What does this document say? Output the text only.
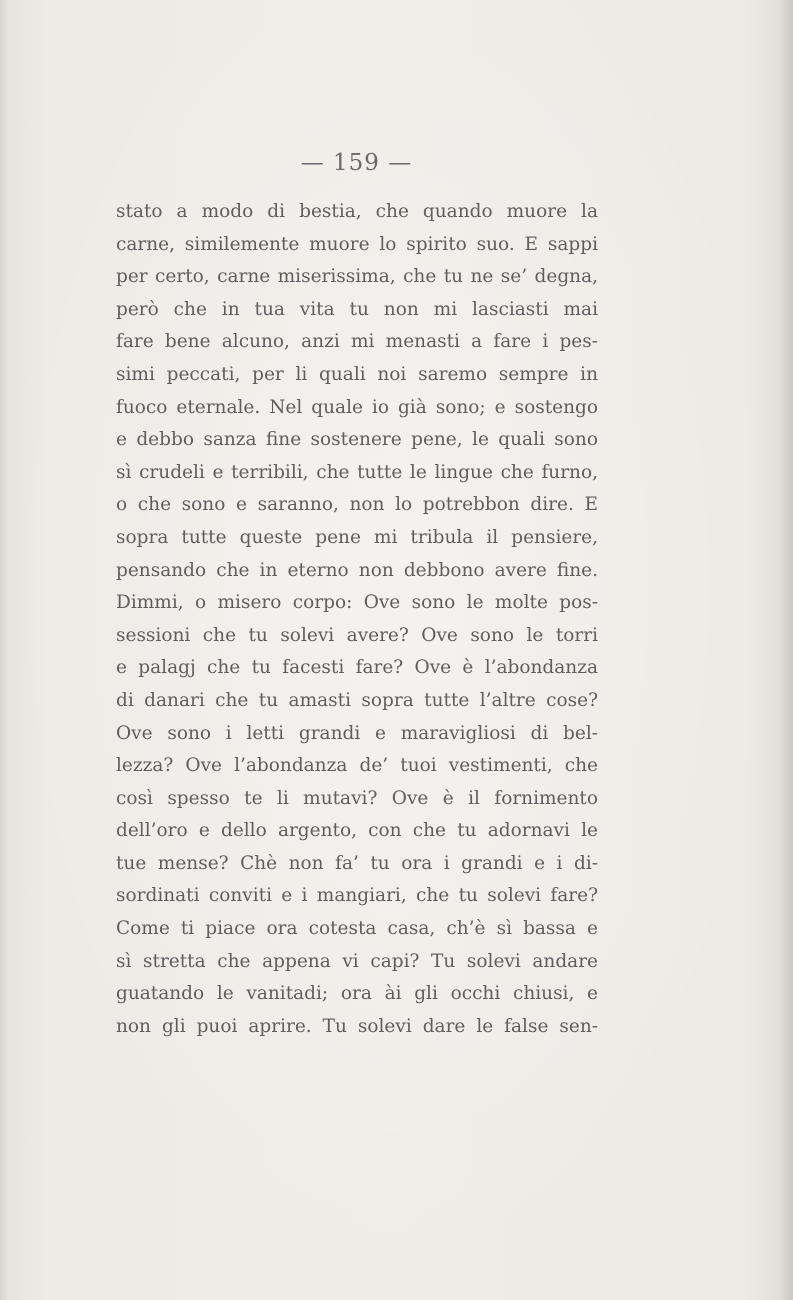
— 159 —
stato a modo di bestia, che quando muore la
carne, similemente muore lo spirito suo. E sappi
per certo, carne miserissima, che tu ne se’ degna,
però che in tua vita tu non mi lasciasti mai
fare bene alcuno, anzi mi menasti a fare i pes-
simi peccati, per li quali noi saremo sempre in
fuoco eternale. Nel quale io già sono; e sostengo
e debbo sanza fine sostenere pene, le quali sono
sì crudeli e terribili, che tutte le lingue che furno,
o che sono e saranno, non lo potrebbon dire. E
sopra tutte queste pene mi tribula il pensiere,
pensando che in eterno non debbono avere fine.
Dimmi, o misero corpo: Ove sono le molte pos-
sessioni che tu solevi avere? Ove sono le torri
e palagj che tu facesti fare? Ove è l’abondanza
di danari che tu amasti sopra tutte l’altre cose?
Ove sono i letti grandi e maravigliosi di bel-
lezza? Ove l’abondanza de’ tuoi vestimenti, che
così spesso te li mutavi? Ove è il fornimento
dell’oro e dello argento, con che tu adornavi le
tue mense? Chè non fa’ tu ora i grandi e i di-
sordinati conviti e i mangiari, che tu solevi fare?
Come ti piace ora cotesta casa, ch’è sì bassa e
sì stretta che appena vi capi? Tu solevi andare
guatando le vanitadi; ora ài gli occhi chiusi, e
non gli puoi aprire. Tu solevi dare le false sen-
